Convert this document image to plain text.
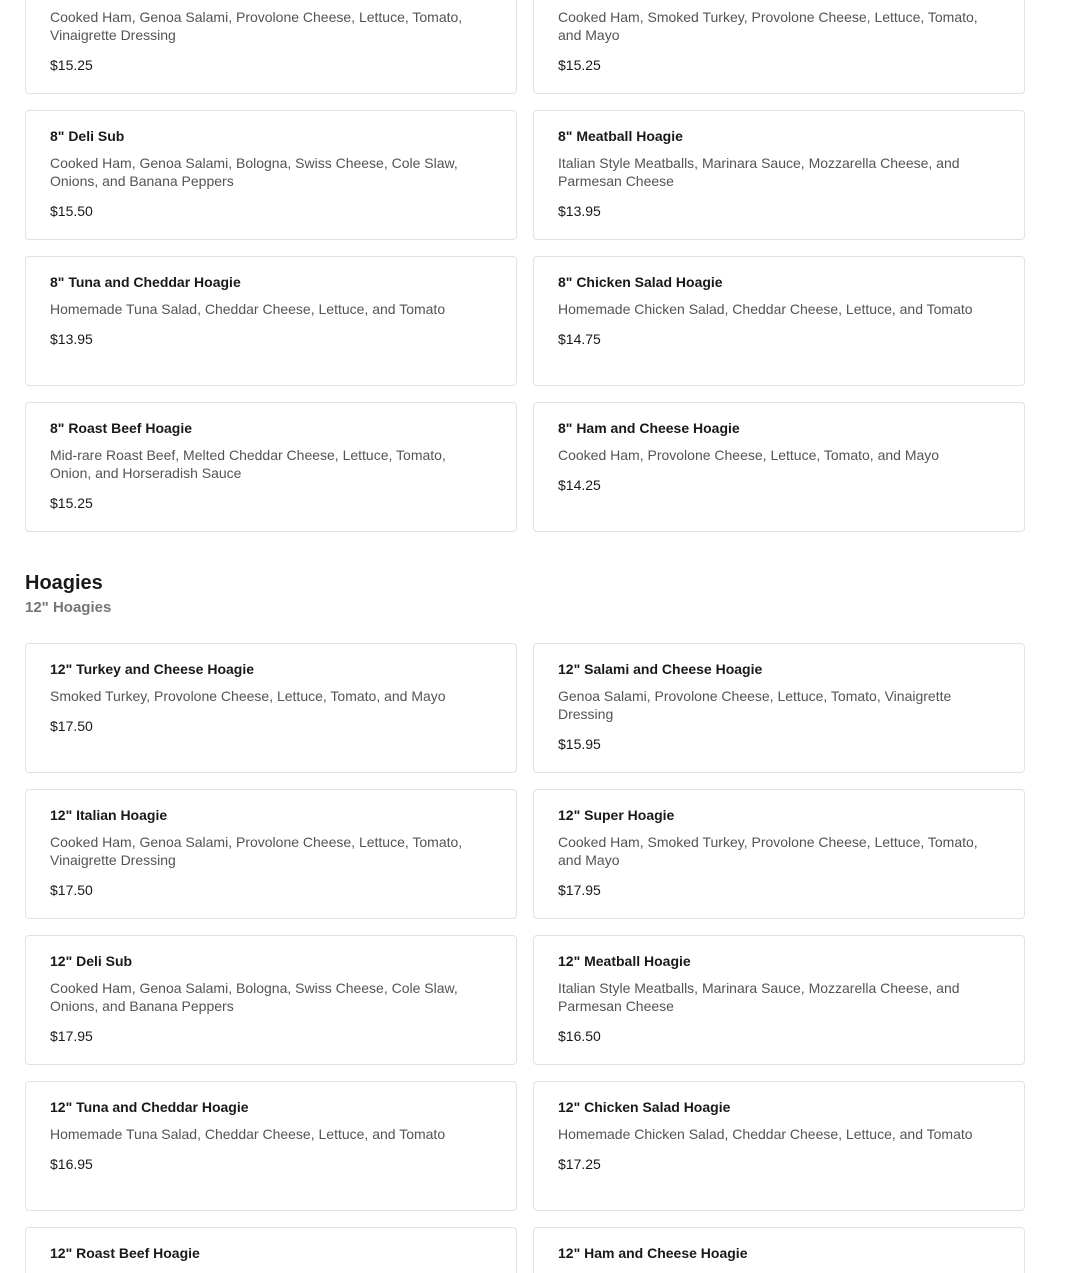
Cooked Ham, Genoa Salami, Provolone Cheese, Lettuce, Tomato, Vinaigrette Dressing
$15.25
Cooked Ham, Smoked Turkey, Provolone Cheese, Lettuce, Tomato, and Mayo
$15.25
8" Deli Sub
Cooked Ham, Genoa Salami, Bologna, Swiss Cheese, Cole Slaw, Onions, and Banana Peppers
$15.50
8" Meatball Hoagie
Italian Style Meatballs, Marinara Sauce, Mozzarella Cheese, and Parmesan Cheese
$13.95
8" Tuna and Cheddar Hoagie
Homemade Tuna Salad, Cheddar Cheese, Lettuce, and Tomato
$13.95
8" Chicken Salad Hoagie
Homemade Chicken Salad, Cheddar Cheese, Lettuce, and Tomato
$14.75
8" Roast Beef Hoagie
Mid-rare Roast Beef, Melted Cheddar Cheese, Lettuce, Tomato, Onion, and Horseradish Sauce
$15.25
8" Ham and Cheese Hoagie
Cooked Ham, Provolone Cheese, Lettuce, Tomato, and Mayo
$14.25
Hoagies
12" Hoagies
12" Turkey and Cheese Hoagie
Smoked Turkey, Provolone Cheese, Lettuce, Tomato, and Mayo
$17.50
12" Salami and Cheese Hoagie
Genoa Salami, Provolone Cheese, Lettuce, Tomato, Vinaigrette Dressing
$15.95
12" Italian Hoagie
Cooked Ham, Genoa Salami, Provolone Cheese, Lettuce, Tomato, Vinaigrette Dressing
$17.50
12" Super Hoagie
Cooked Ham, Smoked Turkey, Provolone Cheese, Lettuce, Tomato, and Mayo
$17.95
12" Deli Sub
Cooked Ham, Genoa Salami, Bologna, Swiss Cheese, Cole Slaw, Onions, and Banana Peppers
$17.95
12" Meatball Hoagie
Italian Style Meatballs, Marinara Sauce, Mozzarella Cheese, and Parmesan Cheese
$16.50
12" Tuna and Cheddar Hoagie
Homemade Tuna Salad, Cheddar Cheese, Lettuce, and Tomato
$16.95
12" Chicken Salad Hoagie
Homemade Chicken Salad, Cheddar Cheese, Lettuce, and Tomato
$17.25
12" Roast Beef Hoagie	12" Ham and Cheese Hoagie
